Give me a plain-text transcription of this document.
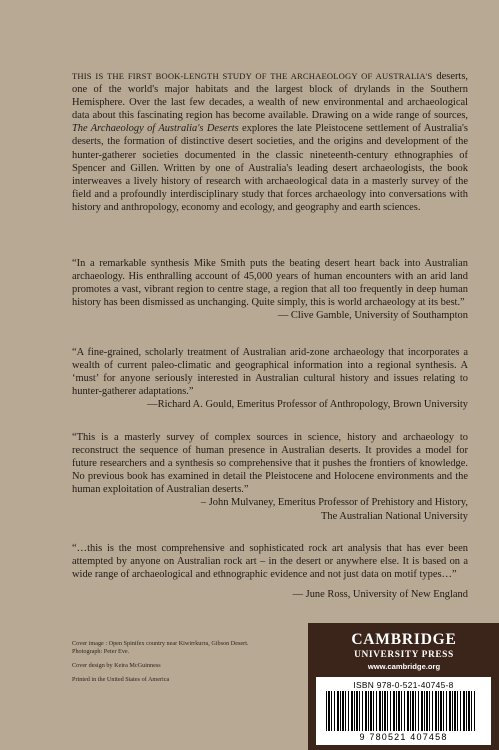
THIS IS THE FIRST BOOK-LENGTH STUDY OF THE ARCHAEOLOGY OF AUSTRALIA'S deserts, one of the world's major habitats and the largest block of drylands in the Southern Hemisphere. Over the last few decades, a wealth of new environmental and archaeological data about this fascinating region has become available. Drawing on a wide range of sources, The Archaeology of Australia's Deserts explores the late Pleistocene settlement of Australia's deserts, the formation of distinctive desert societies, and the origins and development of the hunter-gatherer societies documented in the classic nineteenth-century ethnographies of Spencer and Gillen. Written by one of Australia's leading desert archaeologists, the book interweaves a lively history of research with archaeological data in a masterly survey of the field and a profoundly interdisciplinary study that forces archaeology into conversations with history and anthropology, economy and ecology, and geography and earth sciences.

“In a remarkable synthesis Mike Smith puts the beating desert heart back into Australian archaeology. His enthralling account of 45,000 years of human encounters with an arid land promotes a vast, vibrant region to centre stage, a region that all too frequently in deep human history has been dismissed as unchanging. Quite simply, this is world archaeology at its best.”

— Clive Gamble, University of Southampton

“A fine-grained, scholarly treatment of Australian arid-zone archaeology that incorporates a wealth of current paleo-climatic and geographical information into a regional synthesis. A ‘must’ for anyone seriously interested in Australian cultural history and issues relating to hunter-gatherer adaptations.”

—Richard A. Gould, Emeritus Professor of Anthropology, Brown University

“This is a masterly survey of complex sources in science, history and archaeology to reconstruct the sequence of human presence in Australian deserts. It provides a model for future researchers and a synthesis so comprehensive that it pushes the frontiers of knowledge. No previous book has examined in detail the Pleistocene and Holocene environments and the human exploitation of Australian deserts.”

– John Mulvaney, Emeritus Professor of Prehistory and History,

The Australian National University

“…this is the most comprehensive and sophisticated rock art analysis that has ever been attempted by anyone on Australian rock art – in the desert or anywhere else. It is based on a wide range of archaeological and ethnographic evidence and not just data on motif types…”

— June Ross, University of New England

Cover image : Open Spinifex country near Kiwirrkurra, Gibson Desert.
Photograph: Peter Eve.
Cover design by Keira McGuinness
Printed in the United States of America
CAMBRIDGE
UNIVERSITY PRESS
www.cambridge.org
ISBN 978-0-521-40745-8
9 780521 407458
